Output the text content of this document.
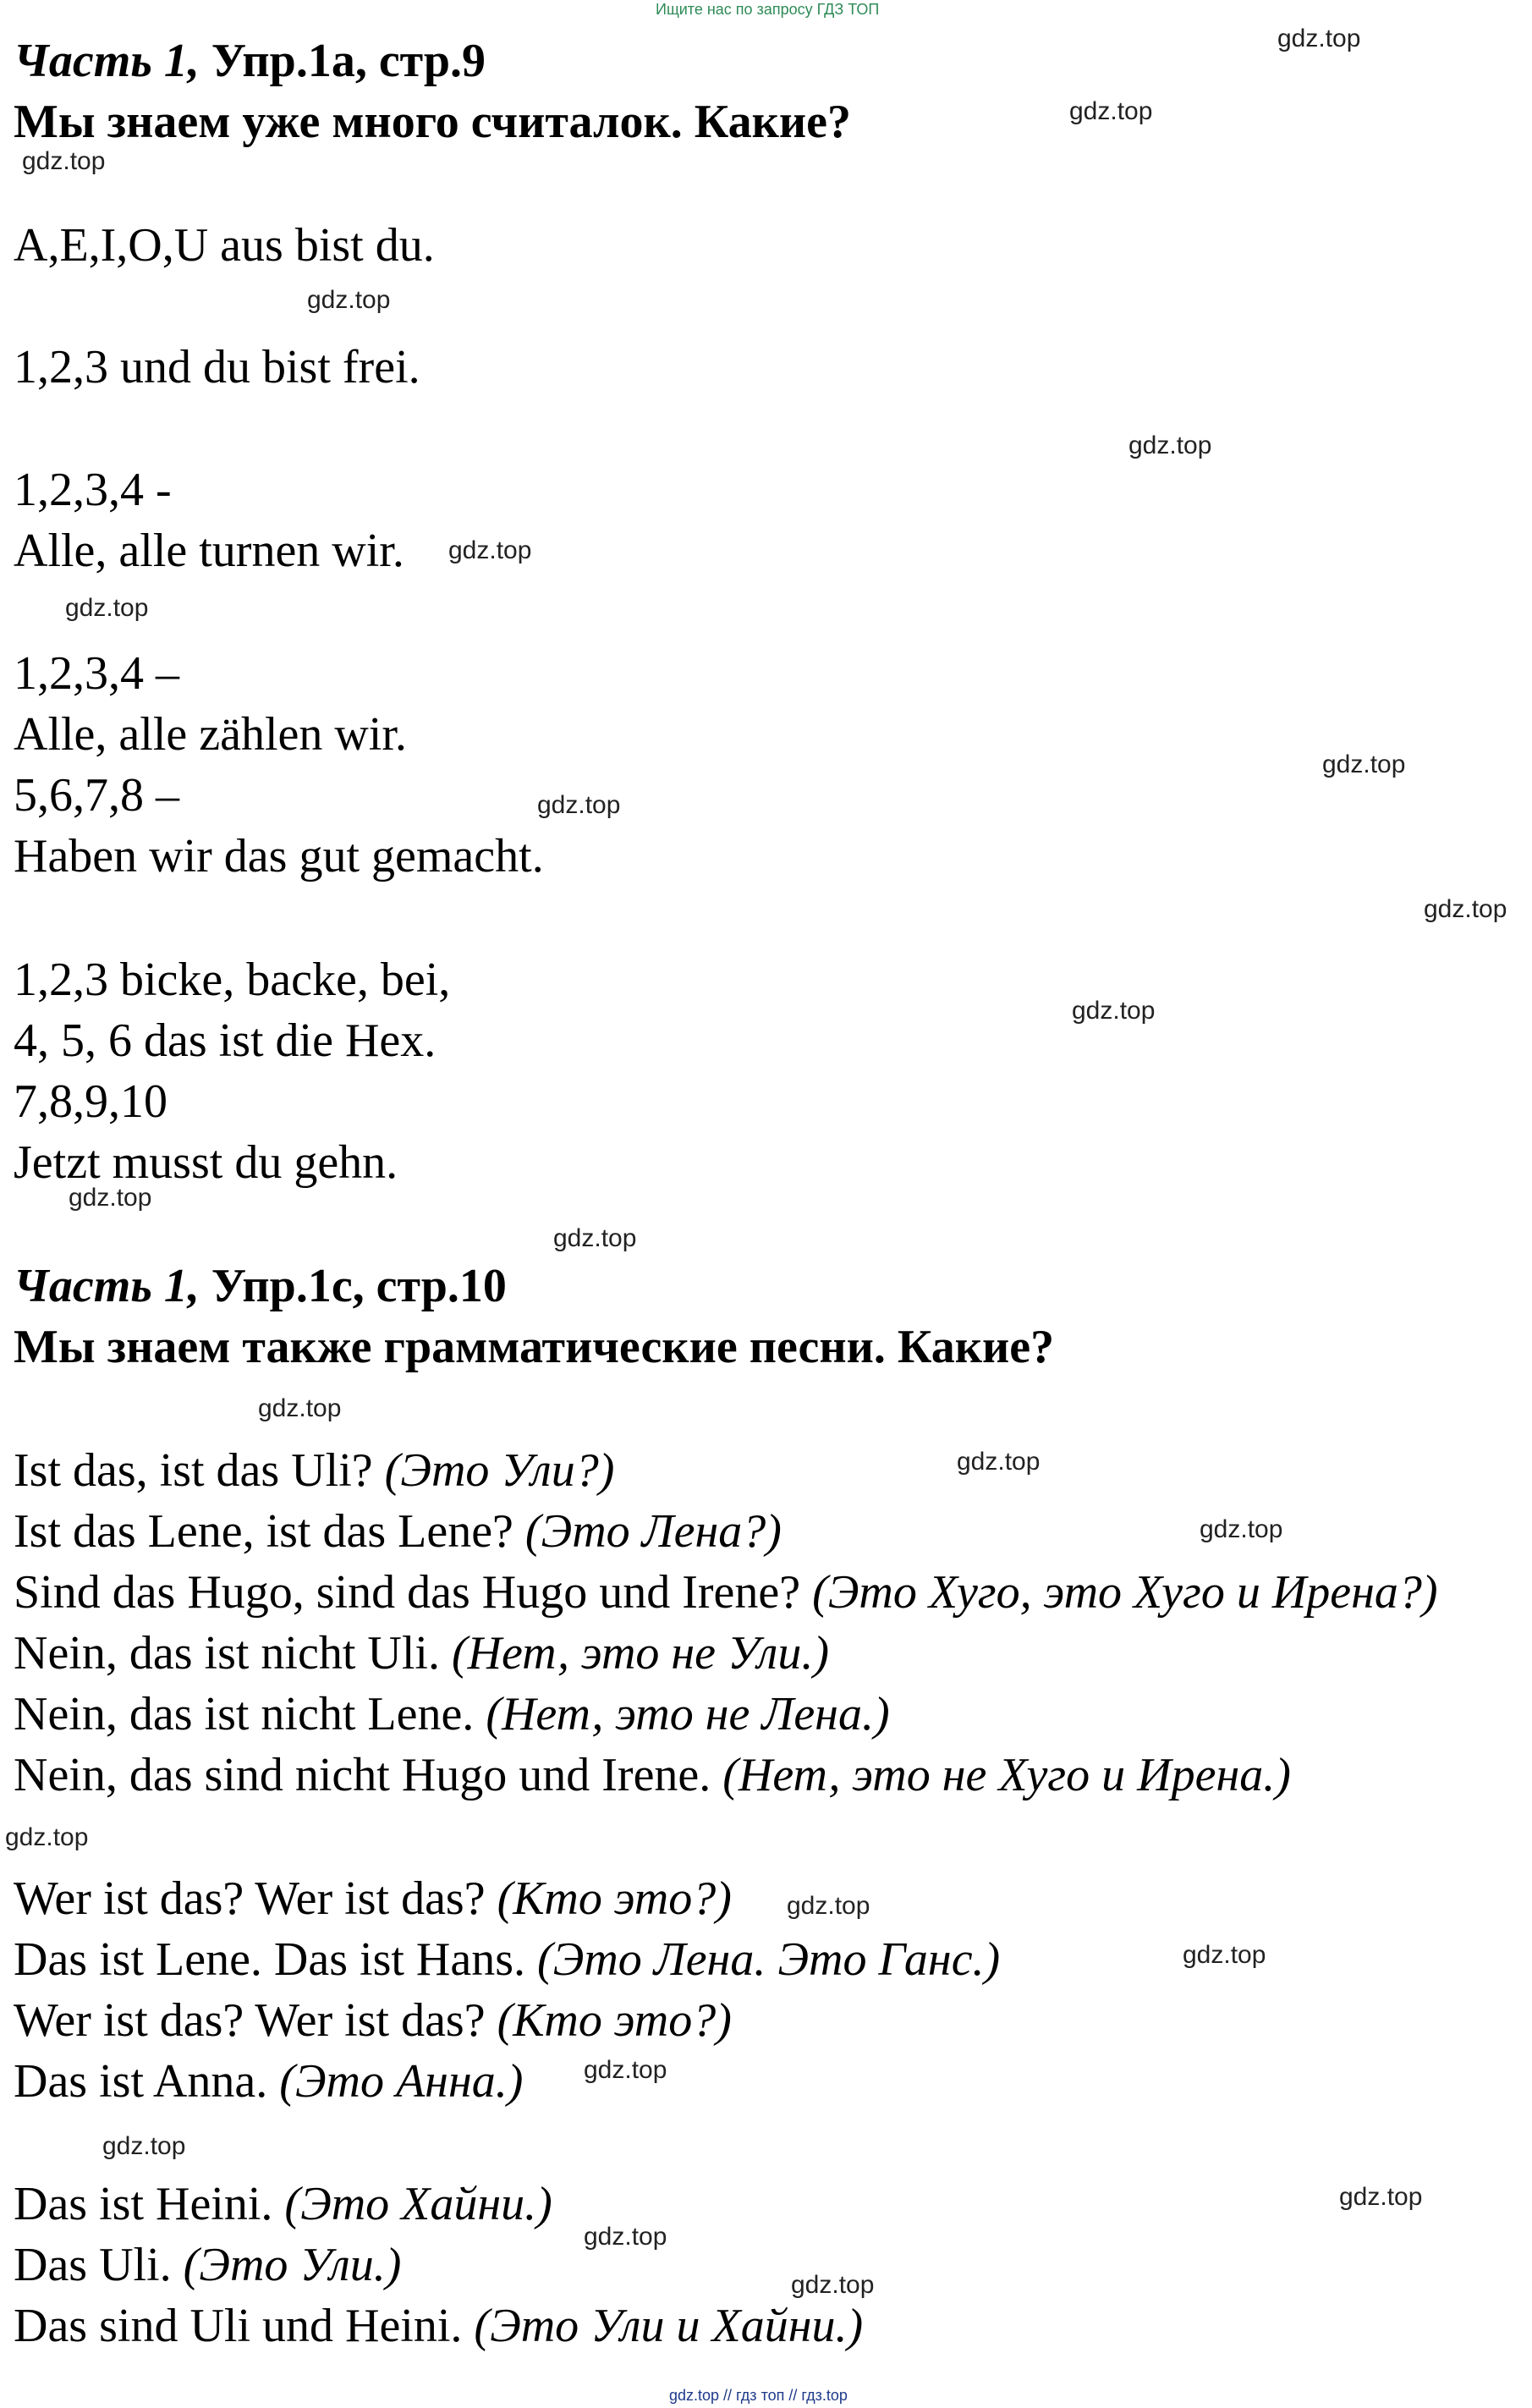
Ищите нас по запросу ГДЗ ТОП
Часть 1, Упр.1а, стр.9
Мы знаем уже много считалок. Какие?
A,E,I,O,U aus bist du.
1,2,3 und du bist frei.
1,2,3,4 -
Alle, alle turnen wir.
1,2,3,4 –
Alle, alle zählen wir.
5,6,7,8 –
Haben wir das gut gemacht.
1,2,3 bicke, backe, bei,
4, 5, 6 das ist die Hex.
7,8,9,10
Jetzt musst du gehn.
Часть 1, Упр.1с, стр.10
Мы знаем также грамматические песни. Какие?
Ist das, ist das Uli? (Это Ули?)
Ist das Lene, ist das Lene? (Это Лена?)
Sind das Hugo, sind das Hugo und Irene? (Это Хуго, это Хуго и Ирена?)
Nein, das ist nicht Uli. (Нет, это не Ули.)
Nein, das ist nicht Lene. (Нет, это не Лена.)
Nein, das sind nicht Hugo und Irene. (Нет, это не Хуго и Ирена.)
Wer ist das? Wer ist das? (Кто это?)
Das ist Lene. Das ist Hans. (Это Лена. Это Ганс.)
Wer ist das? Wer ist das? (Кто это?)
Das ist Anna. (Это Анна.)
Das ist Heini. (Это Хайни.)
Das Uli. (Это Ули.)
Das sind Uli und Heini. (Это Ули и Хайни.)
gdz.top
gdz.top
gdz.top
gdz.top
gdz.top
gdz.top
gdz.top
gdz.top
gdz.top
gdz.top
gdz.top
gdz.top
gdz.top
gdz.top
gdz.top
gdz.top
gdz.top
gdz.top
gdz.top
gdz.top
gdz.top
gdz.top
gdz.top
gdz.top
gdz.top // гдз топ // гдз.top
